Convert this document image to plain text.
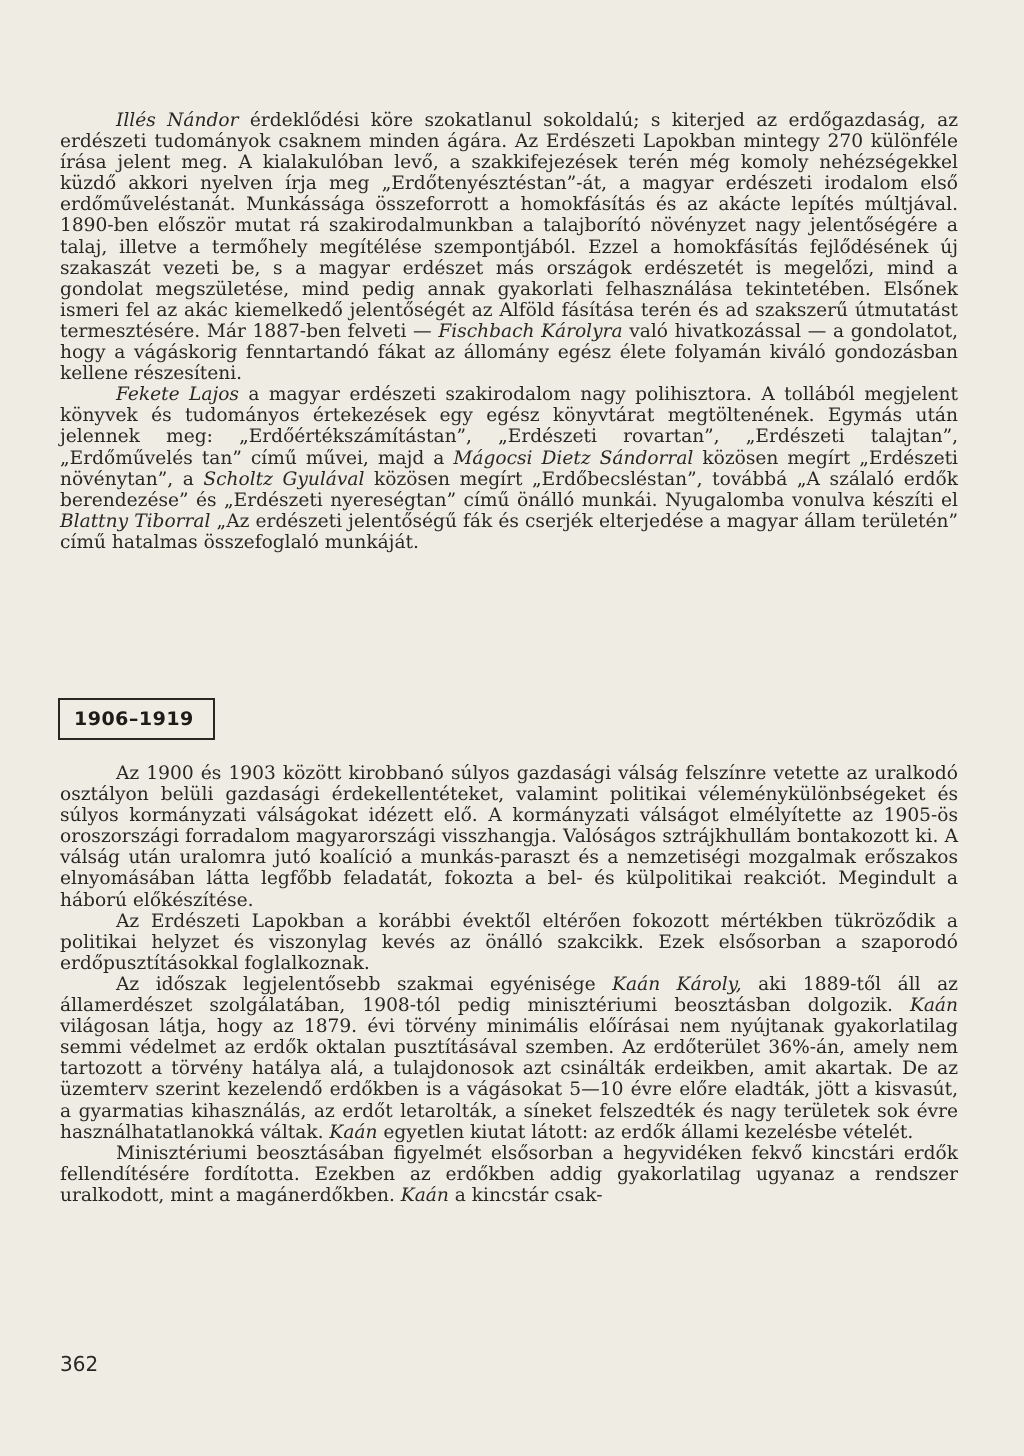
Illés Nándor érdeklődési köre szokatlanul sokoldalú; s kiterjed az erdőgazdaság, az erdészeti tudományok csaknem minden ágára. Az Erdészeti Lapokban mintegy 270 különféle írása jelent meg. A kialakulóban levő, a szakkifejezések terén még komoly nehézségekkel küzdő akkori nyelven írja meg „Erdőtenyésztéstan”-át, a magyar erdészeti irodalom első erdőműveléstanát. Munkássága összeforrott a homokfásítás és az akácte lepítés múltjával. 1890-ben először mutat rá szakirodalmunkban a talajborító növényzet nagy jelentőségére a talaj, illetve a termőhely megítélése szempontjából. Ezzel a homokfásítás fejlődésének új szakaszát vezeti be, s a magyar erdészet más országok erdészetét is megelőzi, mind a gondolat megszületése, mind pedig annak gyakorlati felhasználása tekintetében. Elsőnek ismeri fel az akác kiemelkedő jelentőségét az Alföld fásítása terén és ad szakszerű útmutatást termesztésére. Már 1887-ben felveti — Fischbach Károlyra való hivatkozással — a gondolatot, hogy a vágáskorig fenntartandó fákat az állomány egész élete folyamán kiváló gondozásban kellene részesíteni.

Fekete Lajos a magyar erdészeti szakirodalom nagy polihisztora. A tollából megjelent könyvek és tudományos értekezések egy egész könyvtárat megtöltenének. Egymás után jelennek meg: „Erdőértékszámítástan”, „Erdészeti rovartan”, „Erdészeti talajtan”, „Erdőművelés tan” című művei, majd a Mágocsi Dietz Sándorral közösen megírt „Erdészeti növénytan”, a Scholtz Gyulával közösen megírt „Erdőbecsléstan”, továbbá „A szálaló erdők berendezése” és „Erdészeti nyereségtan” című önálló munkái. Nyugalomba vonulva készíti el Blattny Tiborral „Az erdészeti jelentőségű fák és cserjék elterjedése a magyar állam területén” című hatalmas összefoglaló munkáját.

1906–1919

Az 1900 és 1903 között kirobbanó súlyos gazdasági válság felszínre vetette az uralkodó osztályon belüli gazdasági érdekellentéteket, valamint politikai véleménykülönbségeket és súlyos kormányzati válságokat idézett elő. A kormányzati válságot elmélyítette az 1905-ös oroszországi forradalom magyarországi visszhangja. Valóságos sztrájkhullám bontakozott ki. A válság után uralomra jutó koalíció a munkás-paraszt és a nemzetiségi mozgalmak erőszakos elnyomásában látta legfőbb feladatát, fokozta a bel- és külpolitikai reakciót. Megindult a háború előkészítése.

Az Erdészeti Lapokban a korábbi évektől eltérően fokozott mértékben tükröződik a politikai helyzet és viszonylag kevés az önálló szakcikk. Ezek elsősorban a szaporodó erdőpusztításokkal foglalkoznak.

Az időszak legjelentősebb szakmai egyénisége Kaán Károly, aki 1889-től áll az államerdészet szolgálatában, 1908-tól pedig minisztériumi beosztásban dolgozik. Kaán világosan látja, hogy az 1879. évi törvény minimális előírásai nem nyújtanak gyakorlatilag semmi védelmet az erdők oktalan pusztításával szemben. Az erdőterület 36%-án, amely nem tartozott a törvény hatálya alá, a tulajdonosok azt csinálták erdeikben, amit akartak. De az üzemterv szerint kezelendő erdőkben is a vágásokat 5—10 évre előre eladták, jött a kisvasút, a gyarmatias kihasználás, az erdőt letarolták, a síneket felszedték és nagy területek sok évre használhatatlanokká váltak. Kaán egyetlen kiutat látott: az erdők állami kezelésbe vételét.

Minisztériumi beosztásában figyelmét elsősorban a hegyvidéken fekvő kincstári erdők fellendítésére fordította. Ezekben az erdőkben addig gyakorlatilag ugyanaz a rendszer uralkodott, mint a magánerdőkben. Kaán a kincstár csak-

362
